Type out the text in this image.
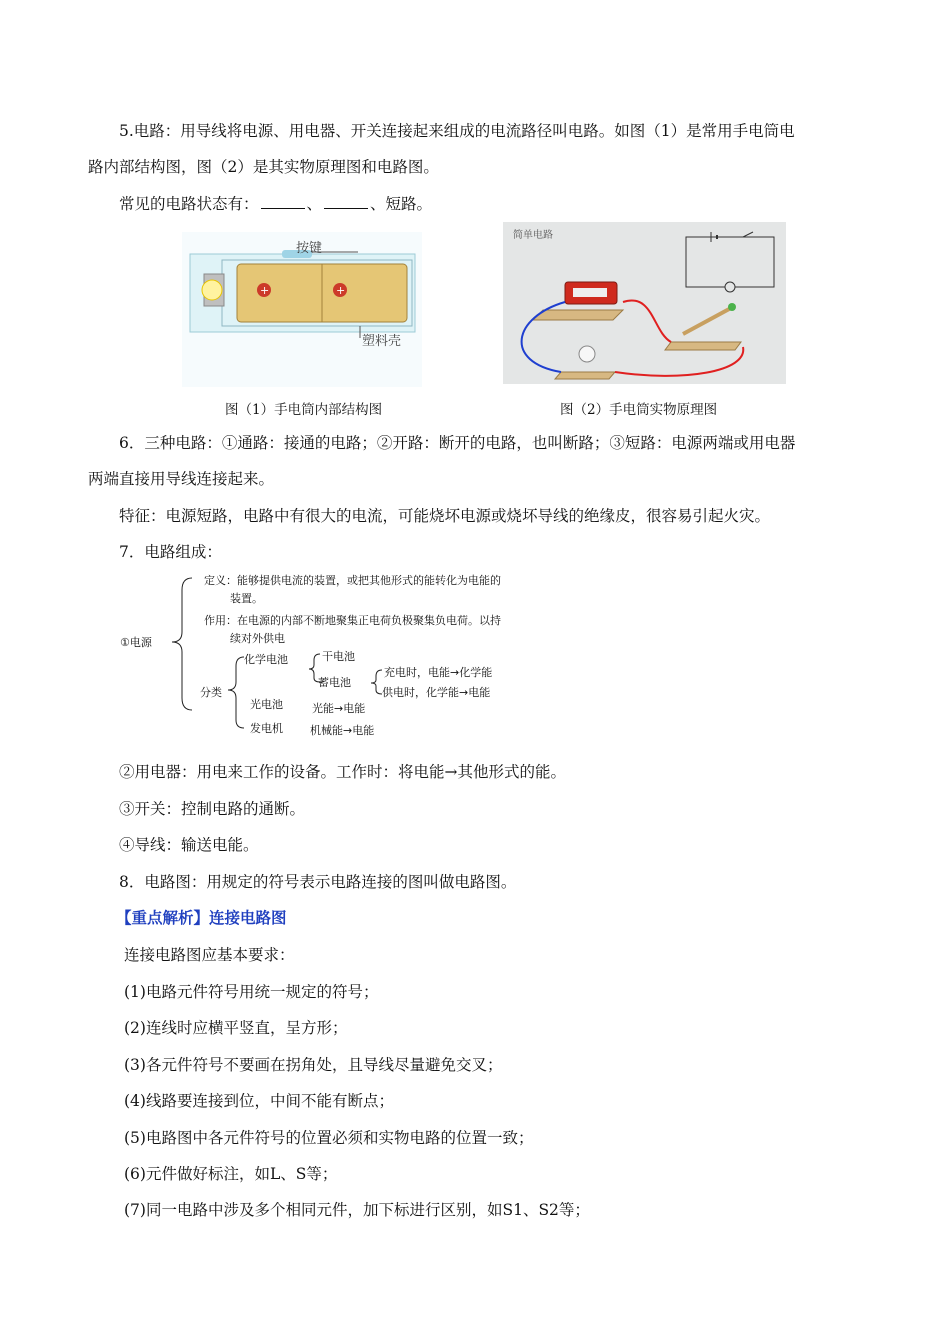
5.电路：用导线将电源、用电器、开关连接起来组成的电流路径叫电路。如图（1）是常用手电筒电
路内部结构图，图（2）是其实物原理图和电路图。
常见的电路状态有：	、	、短路。
+	+
按键
塑料壳
图（1）手电筒内部结构图
简单电路
图（2）手电筒实物原理图
6．三种电路：①通路：接通的电路；②开路：断开的电路，也叫断路；③短路：电源两端或用电器
两端直接用导线连接起来。
特征：电源短路，电路中有很大的电流，可能烧坏电源或烧坏导线的绝缘皮，很容易引起火灾。
7．电路组成：
①电源
定义：能够提供电流的装置，或把其他形式的能转化为电能的
装置。
作用：在电源的内部不断地聚集正电荷负极聚集负电荷。以持
续对外供电
分类
化学电池	干电池
蓄电池
充电时，电能→化学能
供电时，化学能→电能
光电池	光能→电能
发电机 机械能→电能
②用电器：用电来工作的设备。工作时：将电能→其他形式的能。
③开关：控制电路的通断。
④导线：输送电能。
8．电路图：用规定的符号表示电路连接的图叫做电路图。
【重点解析】连接电路图
连接电路图应基本要求：
(1)电路元件符号用统一规定的符号；
(2)连线时应横平竖直，呈方形；
(3)各元件符号不要画在拐角处，且导线尽量避免交叉；
(4)线路要连接到位，中间不能有断点；
(5)电路图中各元件符号的位置必须和实物电路的位置一致；
(6)元件做好标注，如L、S等；
(7)同一电路中涉及多个相同元件，加下标进行区别，如S1、S2等；
